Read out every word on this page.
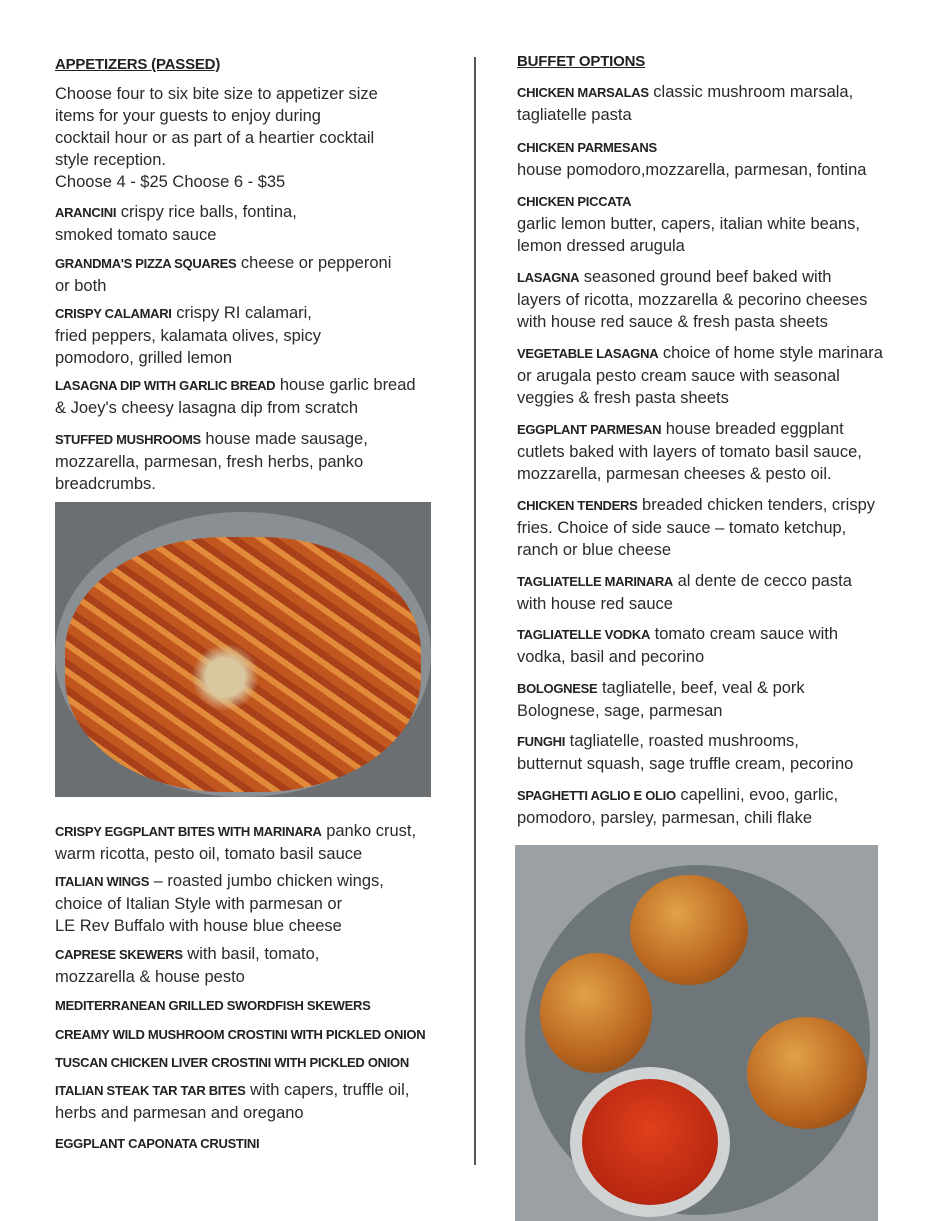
APPETIZERS (PASSED)
Choose four to six bite size to appetizer size
items for your guests to enjoy during
cocktail hour or as part of a heartier cocktail
style reception.
Choose 4 - $25 Choose 6 - $35
ARANCINI crispy rice balls, fontina,
smoked tomato sauce
GRANDMA'S PIZZA SQUARES cheese or pepperoni
or both
CRISPY CALAMARI crispy RI calamari,
fried peppers, kalamata olives, spicy
pomodoro, grilled lemon
LASAGNA DIP WITH GARLIC BREAD house garlic bread
& Joey's cheesy lasagna dip from scratch
STUFFED MUSHROOMS house made sausage,
mozzarella, parmesan, fresh herbs, panko
breadcrumbs.
CRISPY EGGPLANT BITES WITH MARINARA panko crust,
warm ricotta, pesto oil, tomato basil sauce
ITALIAN WINGS – roasted jumbo chicken wings,
choice of Italian Style with parmesan or
LE Rev Buffalo with house blue cheese
CAPRESE SKEWERS with basil, tomato,
mozzarella & house pesto
MEDITERRANEAN GRILLED SWORDFISH SKEWERS
CREAMY WILD MUSHROOM CROSTINI WITH PICKLED ONION
TUSCAN CHICKEN LIVER CROSTINI WITH PICKLED ONION
ITALIAN STEAK TAR TAR BITES with capers, truffle oil,
herbs and parmesan and oregano
EGGPLANT CAPONATA CRUSTINI
BUFFET OPTIONS
CHICKEN MARSALAS classic mushroom marsala,
tagliatelle pasta
CHICKEN PARMESANS
house pomodoro,mozzarella, parmesan, fontina
CHICKEN PICCATA
garlic lemon butter, capers, italian white beans,
lemon dressed arugula
LASAGNA seasoned ground beef baked with
layers of ricotta, mozzarella & pecorino cheeses
with house red sauce & fresh pasta sheets
VEGETABLE LASAGNA choice of home style marinara
or arugala pesto cream sauce with seasonal
veggies & fresh pasta sheets
EGGPLANT PARMESAN house breaded eggplant
cutlets baked with layers of tomato basil sauce,
mozzarella, parmesan cheeses & pesto oil.
CHICKEN TENDERS breaded chicken tenders, crispy
fries. Choice of side sauce – tomato ketchup,
ranch or blue cheese
TAGLIATELLE MARINARA al dente de cecco pasta
with house red sauce
TAGLIATELLE VODKA tomato cream sauce with
vodka, basil and pecorino
BOLOGNESE tagliatelle, beef, veal & pork
Bolognese, sage, parmesan
FUNGHI tagliatelle, roasted mushrooms,
butternut squash, sage truffle cream, pecorino
SPAGHETTI AGLIO E OLIO capellini, evoo, garlic,
pomodoro, parsley, parmesan, chili flake
